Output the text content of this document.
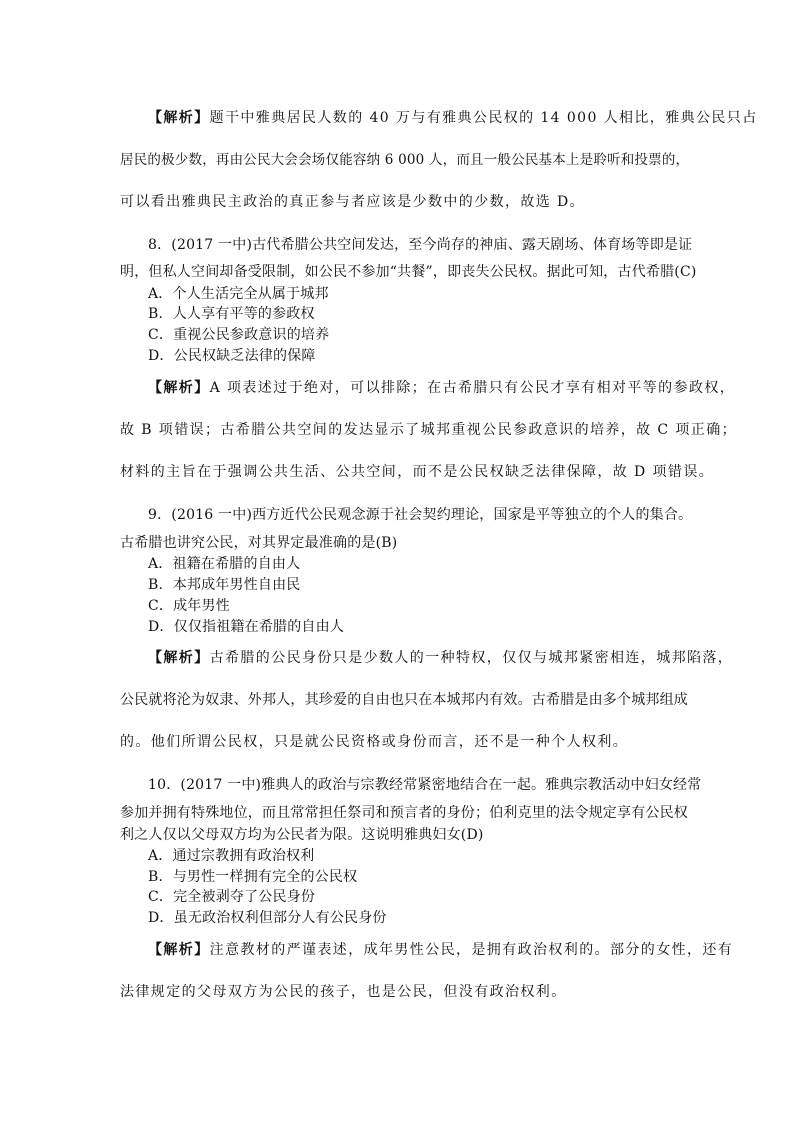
【解析】题干中雅典居民人数的 40 万与有雅典公民权的 14 000 人相比，雅典公民只占
居民的极少数，再由公民大会会场仅能容纳 6 000 人，而且一般公民基本上是聆听和投票的，
可以看出雅典民主政治的真正参与者应该是少数中的少数，故选 D。
8．(2017 一中)古代希腊公共空间发达，至今尚存的神庙、露天剧场、体育场等即是证
明，但私人空间却备受限制，如公民不参加“共餐”，即丧失公民权。据此可知，古代希腊(C)
A．个人生活完全从属于城邦
B．人人享有平等的参政权
C．重视公民参政意识的培养
D．公民权缺乏法律的保障
【解析】A 项表述过于绝对，可以排除；在古希腊只有公民才享有相对平等的参政权，
故 B 项错误；古希腊公共空间的发达显示了城邦重视公民参政意识的培养，故 C 项正确；
材料的主旨在于强调公共生活、公共空间，而不是公民权缺乏法律保障，故 D 项错误。
9．(2016 一中)西方近代公民观念源于社会契约理论，国家是平等独立的个人的集合。
古希腊也讲究公民，对其界定最准确的是(B)
A．祖籍在希腊的自由人
B．本邦成年男性自由民
C．成年男性
D．仅仅指祖籍在希腊的自由人
【解析】古希腊的公民身份只是少数人的一种特权，仅仅与城邦紧密相连，城邦陷落，
公民就将沦为奴隶、外邦人，其珍爱的自由也只在本城邦内有效。古希腊是由多个城邦组成
的。他们所谓公民权，只是就公民资格或身份而言，还不是一种个人权利。
10．(2017 一中)雅典人的政治与宗教经常紧密地结合在一起。雅典宗教活动中妇女经常
参加并拥有特殊地位，而且常常担任祭司和预言者的身份；伯利克里的法令规定享有公民权
利之人仅以父母双方均为公民者为限。这说明雅典妇女(D)
A．通过宗教拥有政治权利
B．与男性一样拥有完全的公民权
C．完全被剥夺了公民身份
D．虽无政治权利但部分人有公民身份
【解析】注意教材的严谨表述，成年男性公民，是拥有政治权利的。部分的女性，还有
法律规定的父母双方为公民的孩子，也是公民，但没有政治权利。
